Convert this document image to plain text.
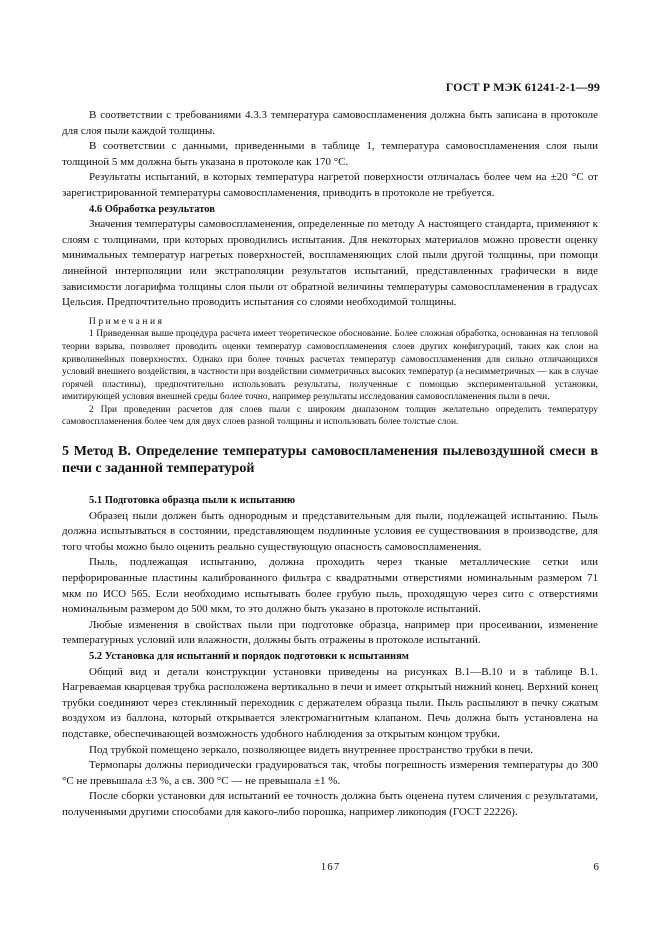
ГОСТ Р МЭК 61241-2-1—99

В соответствии с требованиями 4.3.3 температура самовоспламенения должна быть записана в протоколе для слоя пыли каждой толщины.

В соответствии с данными, приведенными в таблице 1, температура самовоспламенения слоя пыли толщиной 5 мм должна быть указана в протоколе как 170 °С.

Результаты испытаний, в которых температура нагретой поверхности отличалась более чем на ±20 °С от зарегистрированной температуры самовоспламенения, приводить в протоколе не требуется.

4.6 Обработка результатов

Значения температуры самовоспламенения, определенные по методу А настоящего стандарта, применяют к слоям с толщинами, при которых проводились испытания. Для некоторых материалов можно провести оценку минимальных температур нагретых поверхностей, воспламеняющих слой пыли другой толщины, при помощи линейной интерполяции или экстраполяции результатов испытаний, представленных графически в виде зависимости логарифма толщины слоя пыли от обратной величины температуры самовоспламенения в градусах Цельсия. Предпочтительно проводить испытания со слоями необходимой толщины.

Примечания

1 Приведенная выше процедура расчета имеет теоретическое обоснование. Более сложная обработка, основанная на тепловой теории взрыва, позволяет проводить оценки температур самовоспламенения слоев других конфигураций, таких как слои на криволинейных поверхностях. Однако при более точных расчетах температур самовоспламенения для сильно отличающихся условий внешнего воздействия, в частности при воздействии симметричных высоких температур (а несимметричных — как в случае горячей пластины), предпочтительно использовать результаты, полученные с помощью экспериментальной установки, имитирующей условия внешней среды более точно, например результаты исследования самовоспламенения пыли в печи.

2 При проведении расчетов для слоев пыли с широким диапазоном толщин желательно определить температуру самовоспламенения более чем для двух слоев разной толщины и использовать более толстые слои.

5 Метод В. Определение температуры самовоспламенения пылевоздушной смеси в печи с заданной температурой

5.1 Подготовка образца пыли к испытанию

Образец пыли должен быть однородным и представительным для пыли, подлежащей испытанию. Пыль должна испытываться в состоянии, представляющем подлинные условия ее существования в производстве, для того чтобы можно было оценить реально существующую опасность самовоспламенения.

Пыль, подлежащая испытанию, должна проходить через тканые металлические сетки или перфорированные пластины калиброванного фильтра с квадратными отверстиями номинальным размером 71 мкм по ИСО 565. Если необходимо испытывать более грубую пыль, проходящую через сито с отверстиями номинальным размером до 500 мкм, то это должно быть указано в протоколе испытаний.

Любые изменения в свойствах пыли при подготовке образца, например при просеивании, изменение температурных условий или влажности, должны быть отражены в протоколе испытаний.

5.2 Установка для испытаний и порядок подготовки к испытаниям

Общий вид и детали конструкции установки приведены на рисунках В.1—В.10 и в таблице В.1. Нагреваемая кварцевая трубка расположена вертикально в печи и имеет открытый нижний конец. Верхний конец трубки соединяют через стеклянный переходник с держателем образца пыли. Пыль распыляют в печку сжатым воздухом из баллона, который открывается электромагнитным клапаном. Печь должна быть установлена на подставке, обеспечивающей возможность удобного наблюдения за открытым концом трубки.

Под трубкой помещено зеркало, позволяющее видеть внутреннее пространство трубки в печи.

Термопары должны периодически градуироваться так, чтобы погрешность измерения температуры до 300 °С не превышала ±3 %, а св. 300 °С — не превышала ±1 %.

После сборки установки для испытаний ее точность должна быть оценена путем сличения с результатами, полученными другими способами для какого-либо порошка, например ликоподия (ГОСТ 22226).

167	6
